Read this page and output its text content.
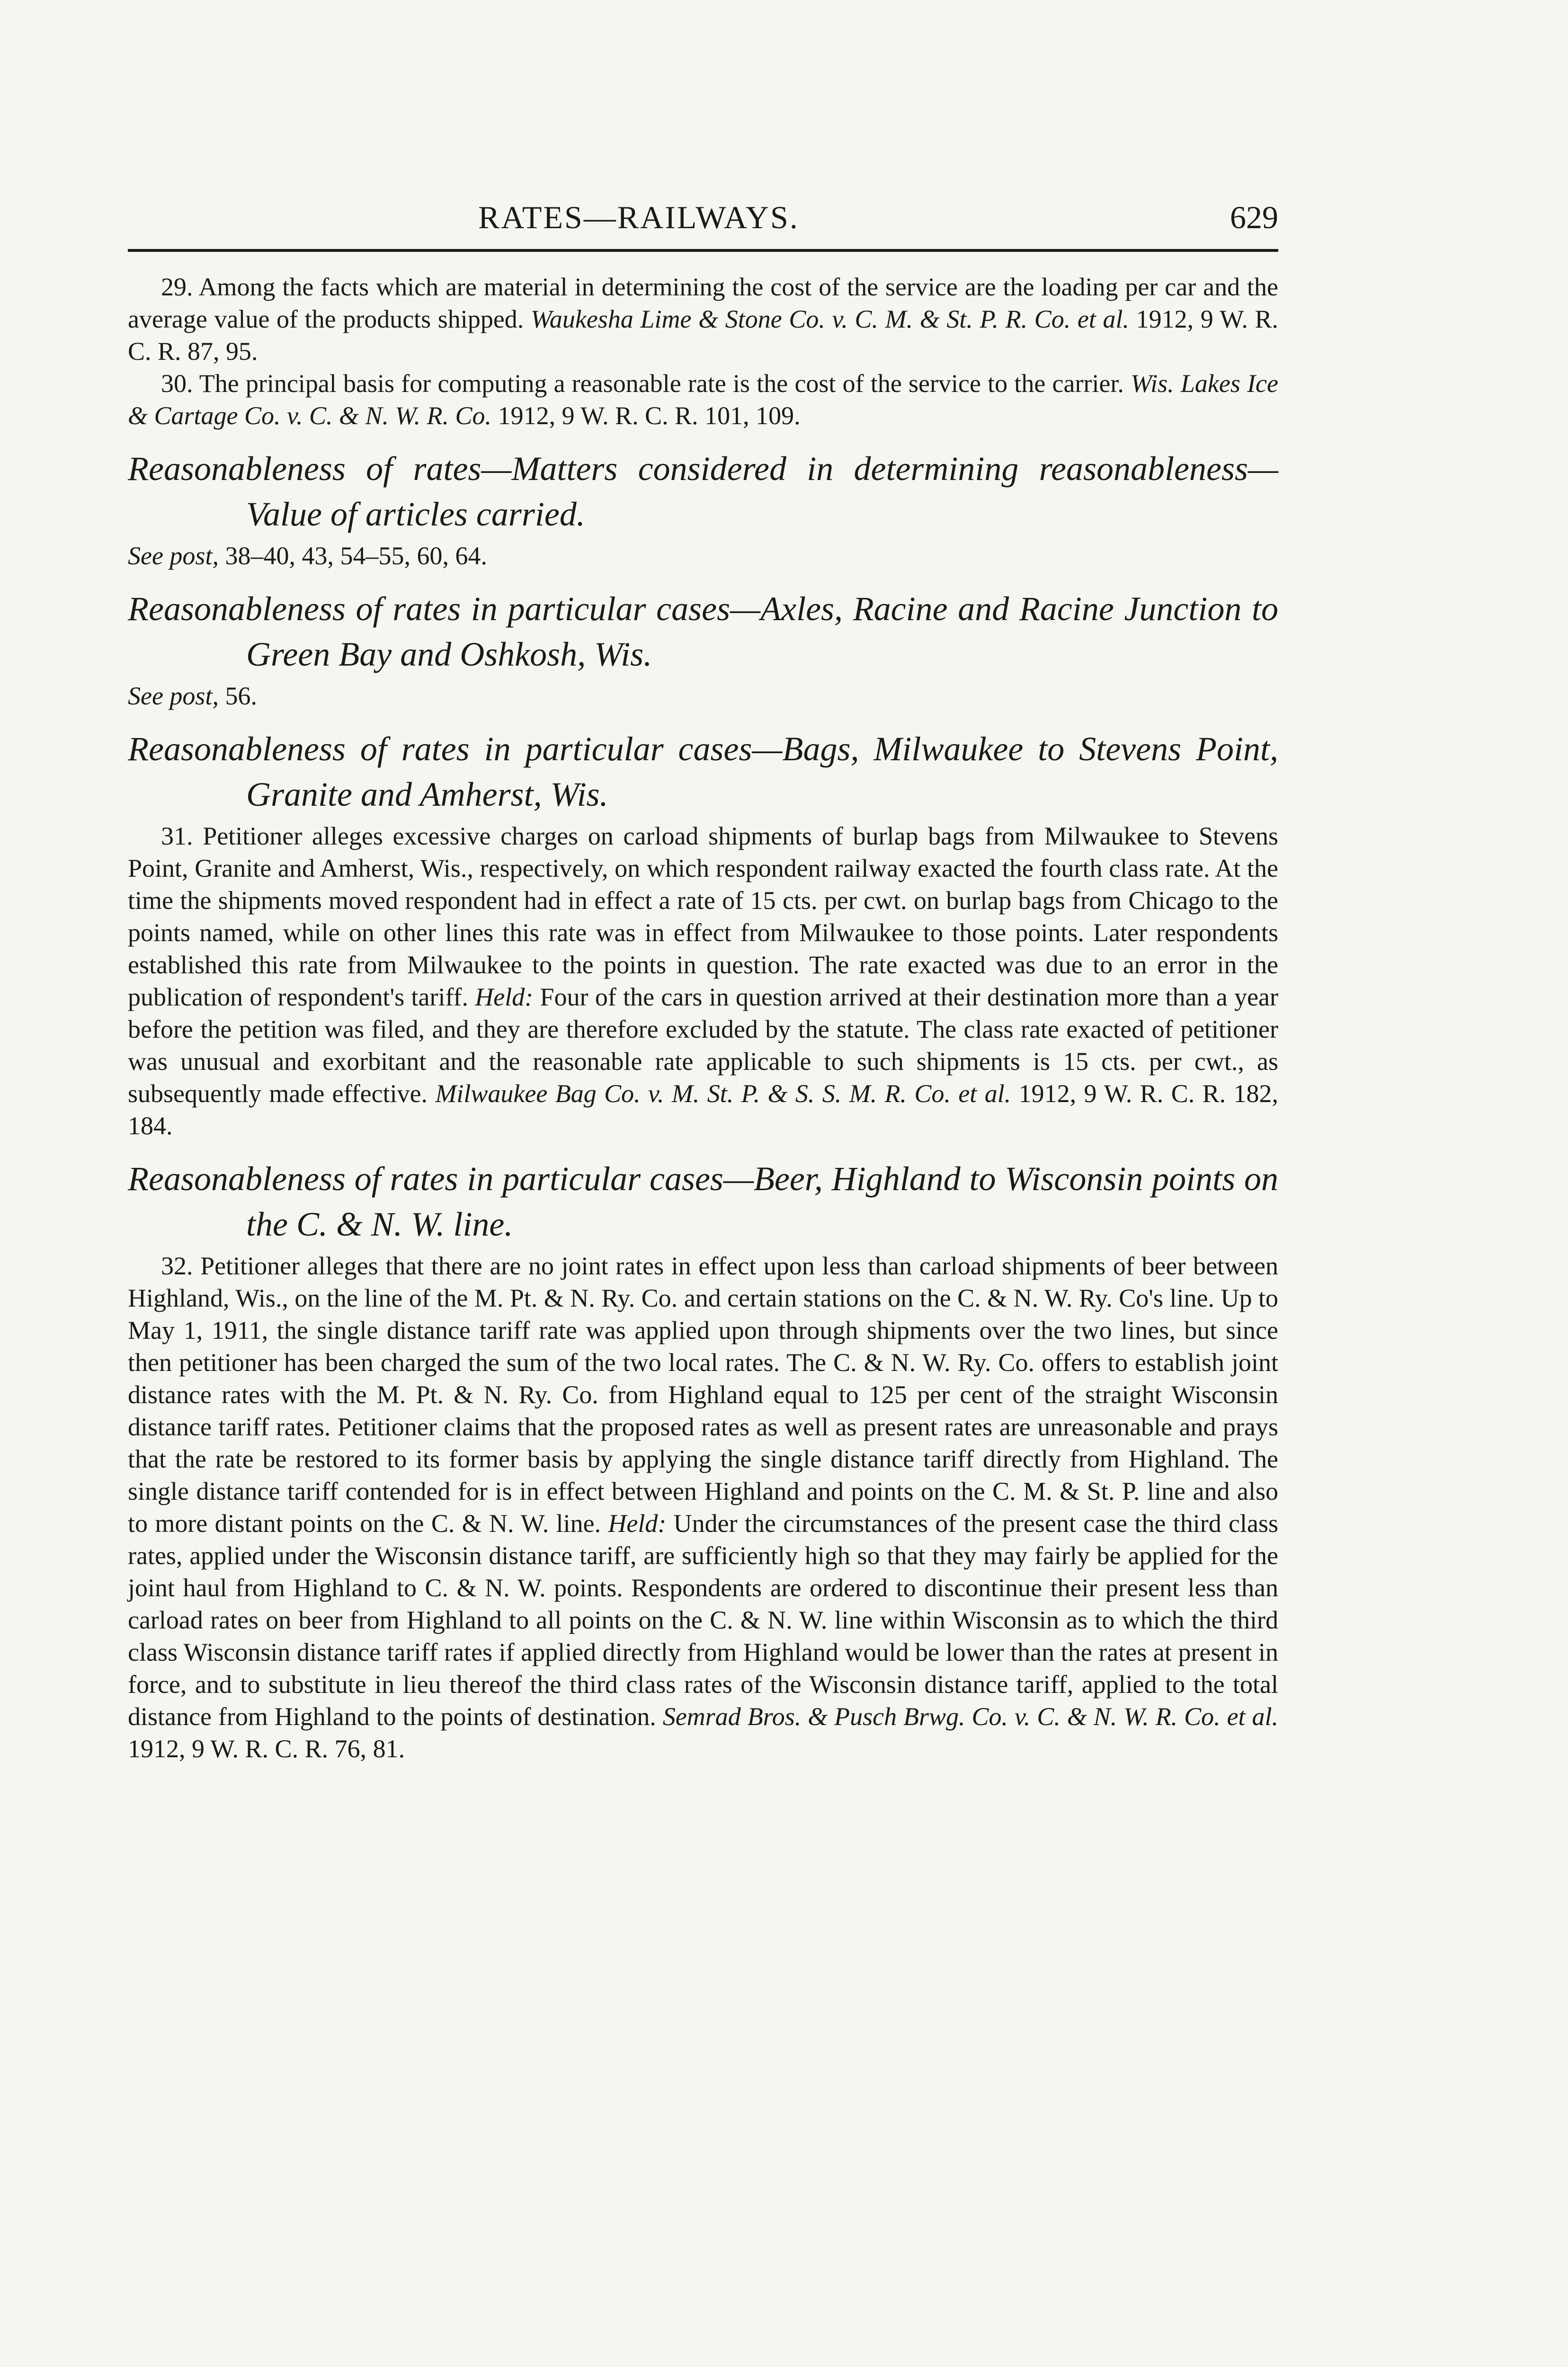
RATES—RAILWAYS.	629

29. Among the facts which are material in determining the cost of the service are the loading per car and the average value of the products shipped. Waukesha Lime & Stone Co. v. C. M. & St. P. R. Co. et al. 1912, 9 W. R. C. R. 87, 95.

30. The principal basis for computing a reasonable rate is the cost of the service to the carrier. Wis. Lakes Ice & Cartage Co. v. C. & N. W. R. Co. 1912, 9 W. R. C. R. 101, 109.

Reasonableness of rates—Matters considered in determining reasonableness—Value of articles carried.

See post, 38–40, 43, 54–55, 60, 64.

Reasonableness of rates in particular cases—Axles, Racine and Racine Junction to Green Bay and Oshkosh, Wis.

See post, 56.

Reasonableness of rates in particular cases—Bags, Milwaukee to Stevens Point, Granite and Amherst, Wis.

31. Petitioner alleges excessive charges on carload shipments of burlap bags from Milwaukee to Stevens Point, Granite and Amherst, Wis., respectively, on which respondent railway exacted the fourth class rate. At the time the shipments moved respondent had in effect a rate of 15 cts. per cwt. on burlap bags from Chicago to the points named, while on other lines this rate was in effect from Milwaukee to those points. Later respondents established this rate from Milwaukee to the points in question. The rate exacted was due to an error in the publication of respondent's tariff. Held: Four of the cars in question arrived at their destination more than a year before the petition was filed, and they are therefore excluded by the statute. The class rate exacted of petitioner was unusual and exorbitant and the reasonable rate applicable to such shipments is 15 cts. per cwt., as subsequently made effective. Milwaukee Bag Co. v. M. St. P. & S. S. M. R. Co. et al. 1912, 9 W. R. C. R. 182, 184.

Reasonableness of rates in particular cases—Beer, Highland to Wisconsin points on the C. & N. W. line.

32. Petitioner alleges that there are no joint rates in effect upon less than carload shipments of beer between Highland, Wis., on the line of the M. Pt. & N. Ry. Co. and certain stations on the C. & N. W. Ry. Co's line. Up to May 1, 1911, the single distance tariff rate was applied upon through shipments over the two lines, but since then petitioner has been charged the sum of the two local rates. The C. & N. W. Ry. Co. offers to establish joint distance rates with the M. Pt. & N. Ry. Co. from Highland equal to 125 per cent of the straight Wisconsin distance tariff rates. Petitioner claims that the proposed rates as well as present rates are unreasonable and prays that the rate be restored to its former basis by applying the single distance tariff directly from Highland. The single distance tariff contended for is in effect between Highland and points on the C. M. & St. P. line and also to more distant points on the C. & N. W. line. Held: Under the circumstances of the present case the third class rates, applied under the Wisconsin distance tariff, are sufficiently high so that they may fairly be applied for the joint haul from Highland to C. & N. W. points. Respondents are ordered to discontinue their present less than carload rates on beer from Highland to all points on the C. & N. W. line within Wisconsin as to which the third class Wisconsin distance tariff rates if applied directly from Highland would be lower than the rates at present in force, and to substitute in lieu thereof the third class rates of the Wisconsin distance tariff, applied to the total distance from Highland to the points of destination. Semrad Bros. & Pusch Brwg. Co. v. C. & N. W. R. Co. et al. 1912, 9 W. R. C. R. 76, 81.
